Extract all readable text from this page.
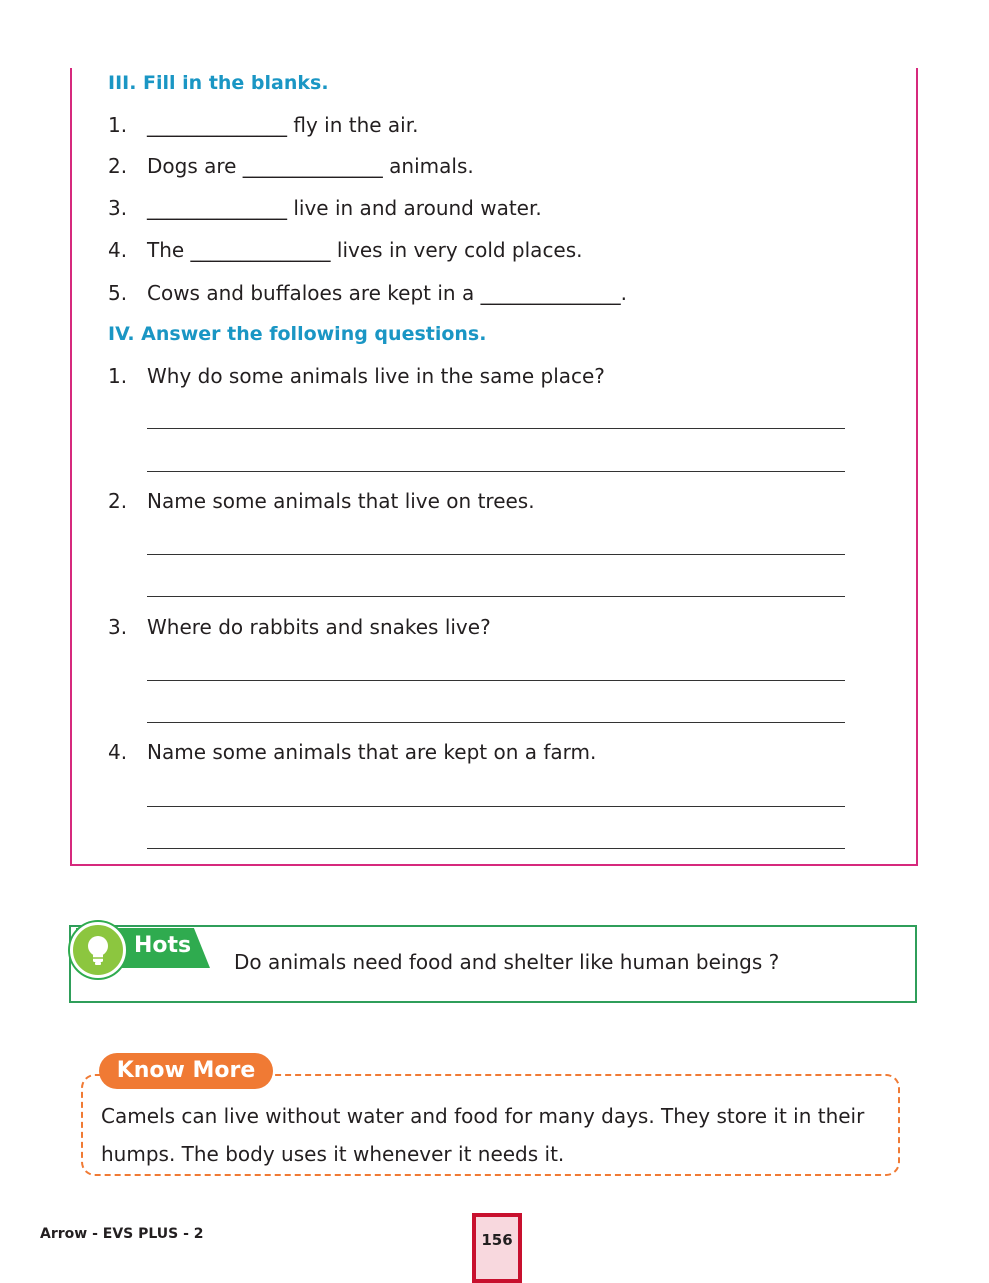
III. Fill in the blanks.
1. ______________ fly in the air.
2. Dogs are ______________ animals.
3. ______________ live in and around water.
4. The ______________ lives in very cold places.
5. Cows and buffaloes are kept in a ______________.
IV. Answer the following questions.
1. Why do some animals live in the same place?
2. Name some animals that live on trees.
3. Where do rabbits and snakes live?
4. Name some animals that are kept on a farm.
Hots
Do animals need food and shelter like human beings ?
Know More
Camels can live without water and food for many days. They store it in their humps. The body uses it whenever it needs it.
Arrow - EVS PLUS - 2	156
